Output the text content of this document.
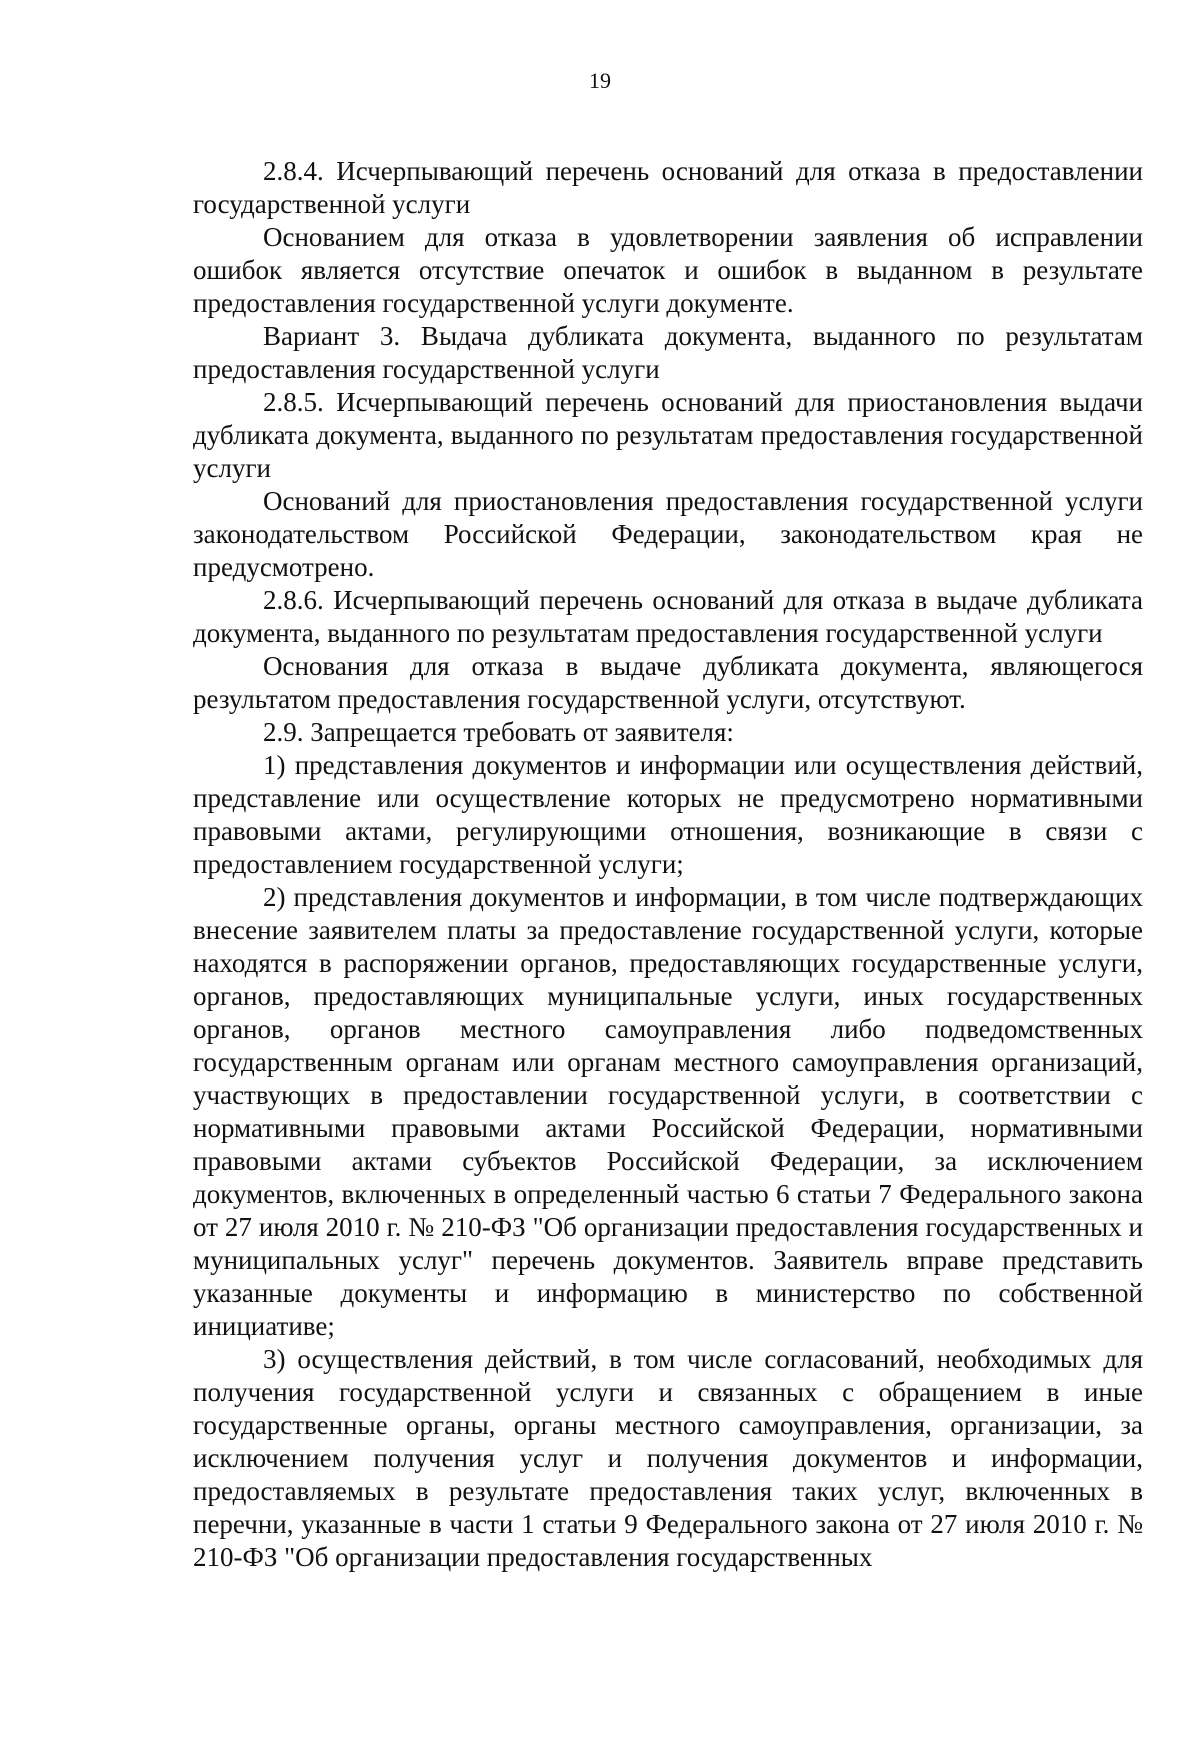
19

2.8.4. Исчерпывающий перечень оснований для отказа в предоставлении государственной услуги

Основанием для отказа в удовлетворении заявления об исправлении ошибок является отсутствие опечаток и ошибок в выданном в результате предоставления государственной услуги документе.

Вариант 3. Выдача дубликата документа, выданного по результатам предоставления государственной услуги

2.8.5. Исчерпывающий перечень оснований для приостановления выдачи дубликата документа, выданного по результатам предоставления государственной услуги

Оснований для приостановления предоставления государственной услуги законодательством Российской Федерации, законодательством края не предусмотрено.

2.8.6. Исчерпывающий перечень оснований для отказа в выдаче дубликата документа, выданного по результатам предоставления государственной услуги

Основания для отказа в выдаче дубликата документа, являющегося результатом предоставления государственной услуги, отсутствуют.

2.9. Запрещается требовать от заявителя:

1) представления документов и информации или осуществления действий, представление или осуществление которых не предусмотрено нормативными правовыми актами, регулирующими отношения, возникающие в связи с предоставлением государственной услуги;

2) представления документов и информации, в том числе подтверждающих внесение заявителем платы за предоставление государственной услуги, которые находятся в распоряжении органов, предоставляющих государственные услуги, органов, предоставляющих муниципальные услуги, иных государственных органов, органов местного самоуправления либо подведомственных государственным органам или органам местного самоуправления организаций, участвующих в предоставлении государственной услуги, в соответствии с нормативными правовыми актами Российской Федерации, нормативными правовыми актами субъектов Российской Федерации, за исключением документов, включенных в определенный частью 6 статьи 7 Федерального закона от 27 июля 2010 г. № 210-ФЗ "Об организации предоставления государственных и муниципальных услуг" перечень документов. Заявитель вправе представить указанные документы и информацию в министерство по собственной инициативе;

3) осуществления действий, в том числе согласований, необходимых для получения государственной услуги и связанных с обращением в иные государственные органы, органы местного самоуправления, организации, за исключением получения услуг и получения документов и информации, предоставляемых в результате предоставления таких услуг, включенных в перечни, указанные в части 1 статьи 9 Федерального закона от 27 июля 2010 г. № 210-ФЗ "Об организации предоставления государственных
